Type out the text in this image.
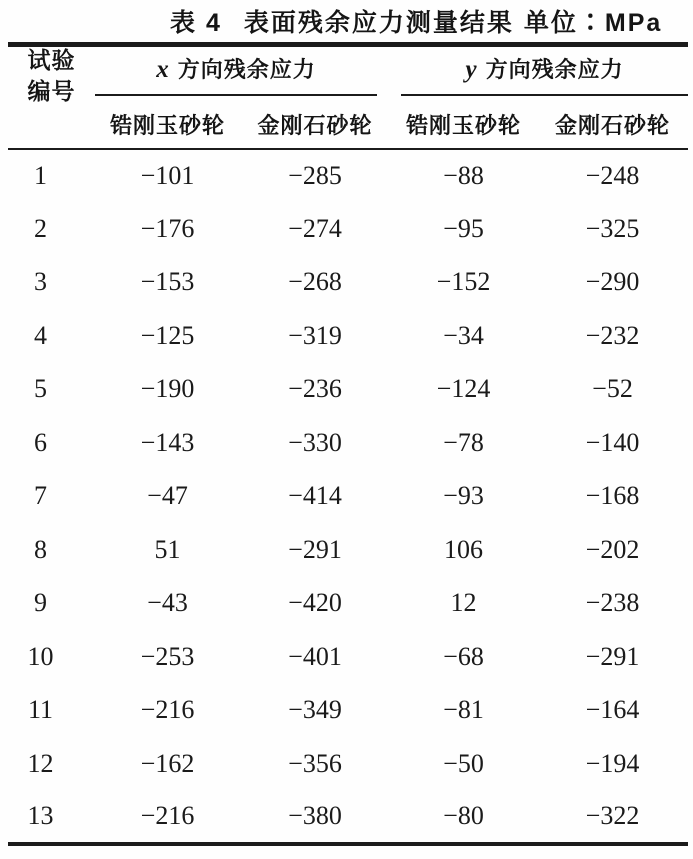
表 4 表面残余应力测量结果 单位∶MPa
试验
编号	x 方向残余应力		y 方向残余应力	

	锆刚玉砂轮	金刚石砂轮	锆刚玉砂轮	金刚石砂轮
1	−101	−285	−88	−248
2	−176	−274	−95	−325
3	−153	−268	−152	−290
4	−125	−319	−34	−232
5	−190	−236	−124	−52
6	−143	−330	−78	−140
7	−47	−414	−93	−168
8	51	−291	106	−202
9	−43	−420	12	−238
10	−253	−401	−68	−291
11	−216	−349	−81	−164
12	−162	−356	−50	−194
13	−216	−380	−80	−322
